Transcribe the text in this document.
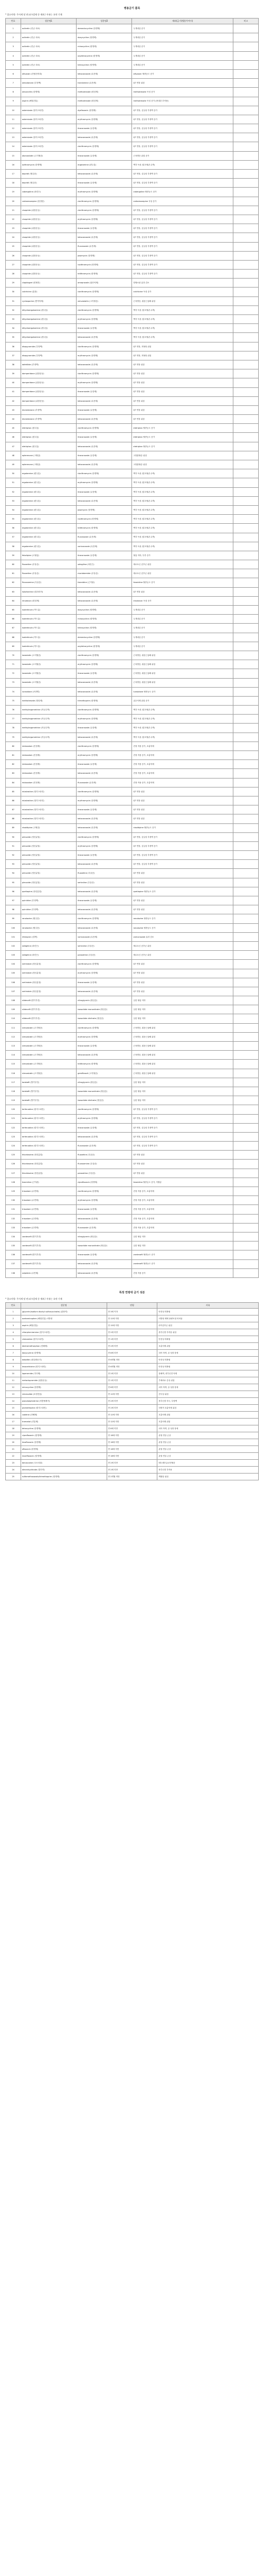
병용금기 품목
* 참고사항: 주사제 및 연고/크림제 등 제외 / 사유는 요약 기재
번호	성분명1	성분명2	제외/금기(병용투여시)	비고
1	acitretin (진균 치료)	demeclocycline (항생제)	두개내압 증가	
2	acitretin (진균 치료)	doxycycline (항생제)	두개내압 증가	
3	acitretin (진균 치료)	minocycline (항생제)	두개내압 증가	
4	acitretin (진균 치료)	oxytetracycline (항생제)	두개내압 증가	
5	acitretin (진균 치료)	tetracycline (항생제)	두개내압 증가	
6	alfuzosin (전립선비대)	ketoconazole (무좀제)	alfuzosin 혈중농도 증가	
7	amiodarone (부정맥)	tranilamine (무좀제)	QT 연장 위험	
8	amoxicillin (항생제)	methotrexate (항암제)	methotrexate 독성 증가	
9	aspirin (해열진통)	methotrexate (항암제)	methotrexate 독성 증가 (중대한 부작용)	
10	astemizole (항히스타민)	dysfiaxacin (항생제)	QT 연장, 심실성 부정맥 증가	
11	astemizole (항히스타민)	erythromycin (항생제)	QT 연장, 심실성 부정맥 증가	
12	astemizole (항히스타민)	itraconazole (무좀제)	QT 연장, 심실성 부정맥 증가	
13	astemizole (항히스타민)	ketoconazole (무좀제)	QT 연장, 심실성 부정맥 증가	
14	astemizole (항히스타민)	clarithromycin (항생제)	QT 연장, 심실성 부정맥 증가	
15	atorvastatin (고지혈증)	itraconazole (무좀제)	근육병증 위험 증가	
16	azithromycin (항생제)	ergotamine (편두통)	맥각 독성 (말초혈관 수축)	
17	bepridil (협심증)	ketoconazole (무좀제)	QT 연장, 심실성 부정맥 증가	
18	bepridil (협심증)	itraconazole (무좀제)	QT 연장, 심실성 부정맥 증가	
19	cabergoline (파킨슨)	erythromycin (항생제)	cabergoline 혈중농도 증가	
20	carbamazepine (항경련)	clarithromycin (항생제)	carbamazepine 독성 증가	
21	cisapride (위장운동)	clarithromycin (항생제)	QT 연장, 심실성 부정맥 증가	
22	cisapride (위장운동)	erythromycin (항생제)	QT 연장, 심실성 부정맥 증가	
23	cisapride (위장운동)	itraconazole (무좀제)	QT 연장, 심실성 부정맥 증가	
24	cisapride (위장운동)	ketoconazole (무좀제)	QT 연장, 심실성 부정맥 증가	
25	cisapride (위장운동)	fluconazole (무좀제)	QT 연장, 심실성 부정맥 증가	
26	cisapride (위장운동)	josamycin (항생제)	QT 연장, 심실성 부정맥 증가	
27	cisapride (위장운동)	roxithromycin (항생제)	QT 연장, 심실성 부정맥 증가	
28	cisapride (위장운동)	telithromycin (항생제)	QT 연장, 심실성 부정맥 증가	
29	clopidogrel (항혈전)	omeprazole (위산억제)	항혈소판 효과 감소	
30	colchicine (통풍)	clarithromycin (항생제)	colchicine 독성 증가	
31	cyclosporine (면역억제)	simvastatin (고지혈증)	근육병증, 횡문근융해 위험	
32	dihydroergotamine (편두통)	clarithromycin (항생제)	맥각 독성 (말초혈관 수축)	
33	dihydroergotamine (편두통)	erythromycin (항생제)	맥각 독성 (말초혈관 수축)	
34	dihydroergotamine (편두통)	itraconazole (무좀제)	맥각 독성 (말초혈관 수축)	
35	dihydroergotamine (편두통)	ketoconazole (무좀제)	맥각 독성 (말초혈관 수축)	
36	disopyramide (부정맥)	clarithromycin (항생제)	QT 연장, 저혈당 위험	
37	disopyramide (부정맥)	erythromycin (항생제)	QT 연장, 저혈당 위험	
38	dofetilide (부정맥)	ketoconazole (무좀제)	QT 연장 위험	
39	domperidone (위장운동)	clarithromycin (항생제)	QT 연장 위험	
40	domperidone (위장운동)	erythromycin (항생제)	QT 연장 위험	
41	domperidone (위장운동)	itraconazole (무좀제)	QT 연장 위험	
42	domperidone (위장운동)	ketoconazole (무좀제)	QT 연장 위험	
43	dronedarone (부정맥)	itraconazole (무좀제)	QT 연장 위험	
44	dronedarone (부정맥)	ketoconazole (무좀제)	QT 연장 위험	
45	eletriptan (편두통)	clarithromycin (항생제)	eletriptan 혈중농도 증가	
46	eletriptan (편두통)	itraconazole (무좀제)	eletriptan 혈중농도 증가	
47	eletriptan (편두통)	ketoconazole (무좀제)	eletriptan 혈중농도 증가	
48	eplerenone (고혈압)	itraconazole (무좀제)	고칼륨혈증 위험	
49	eplerenone (고혈압)	ketoconazole (무좀제)	고칼륨혈증 위험	
50	ergotamine (편두통)	clarithromycin (항생제)	맥각 독성 (말초혈관 수축)	
51	ergotamine (편두통)	erythromycin (항생제)	맥각 독성 (말초혈관 수축)	
52	ergotamine (편두통)	itraconazole (무좀제)	맥각 독성 (말초혈관 수축)	
53	ergotamine (편두통)	ketoconazole (무좀제)	맥각 독성 (말초혈관 수축)	
54	ergotamine (편두통)	josamycin (항생제)	맥각 독성 (말초혈관 수축)	
55	ergotamine (편두통)	roxithromycin (항생제)	맥각 독성 (말초혈관 수축)	
56	ergotamine (편두통)	telithromycin (항생제)	맥각 독성 (말초혈관 수축)	
57	ergotamine (편두통)	fluconazole (무좀제)	맥각 독성 (말초혈관 수축)	
58	ergotamine (편두통)	voriconazole (무좀제)	맥각 독성 (말초혈관 수축)	
59	felodipine (고혈압)	itraconazole (무좀제)	혈압 저하, 부종 증가	
60	fluoxetine (우울증)	selegiline (파킨슨)	세로토닌 증후군 위험	
61	fluoxetine (우울증)	moclobemide (우울증)	세로토닌 증후군 위험	
62	fluvoxamine (우울증)	tizanidine (근이완)	tizanidine 혈중농도 증가	
63	halofantrine (말라리아)	ketoconazole (무좀제)	QT 연장 위험	
64	irinotecan (항암제)	ketoconazole (무좀제)	irinotecan 독성 증가	
65	isotretinoin (여드름)	doxycycline (항생제)	두개내압 증가	
66	isotretinoin (여드름)	minocycline (항생제)	두개내압 증가	
67	isotretinoin (여드름)	tetracycline (항생제)	두개내압 증가	
68	isotretinoin (여드름)	demeclocycline (항생제)	두개내압 증가	
69	isotretinoin (여드름)	oxytetracycline (항생제)	두개내압 증가	
70	lovastatin (고지혈증)	clarithromycin (항생제)	근육병증, 횡문근융해 위험	
71	lovastatin (고지혈증)	erythromycin (항생제)	근육병증, 횡문근융해 위험	
72	lovastatin (고지혈증)	itraconazole (무좀제)	근육병증, 횡문근융해 위험	
73	lovastatin (고지혈증)	ketoconazole (무좀제)	근육병증, 횡문근융해 위험	
74	lurasidone (조현병)	ketoconazole (무좀제)	lurasidone 혈중농도 증가	
75	methotrexate (항암제)	trimethoprim (항생제)	골수억제 위험 증가	
76	methylergometrine (자궁수축)	clarithromycin (항생제)	맥각 독성 (말초혈관 수축)	
77	methylergometrine (자궁수축)	erythromycin (항생제)	맥각 독성 (말초혈관 수축)	
78	methylergometrine (자궁수축)	itraconazole (무좀제)	맥각 독성 (말초혈관 수축)	
79	methylergometrine (자궁수축)	ketoconazole (무좀제)	맥각 독성 (말초혈관 수축)	
80	midazolam (진정제)	clarithromycin (항생제)	진정 작용 증가, 호흡억제	
81	midazolam (진정제)	erythromycin (항생제)	진정 작용 증가, 호흡억제	
82	midazolam (진정제)	itraconazole (무좀제)	진정 작용 증가, 호흡억제	
83	midazolam (진정제)	ketoconazole (무좀제)	진정 작용 증가, 호흡억제	
84	midazolam (진정제)	fluconazole (무좀제)	진정 작용 증가, 호흡억제	
85	mizolastine (항히스타민)	clarithromycin (항생제)	QT 연장 위험	
86	mizolastine (항히스타민)	erythromycin (항생제)	QT 연장 위험	
87	mizolastine (항히스타민)	itraconazole (무좀제)	QT 연장 위험	
88	mizolastine (항히스타민)	ketoconazole (무좀제)	QT 연장 위험	
89	nisoldipine (고혈압)	ketoconazole (무좀제)	nisoldipine 혈중농도 증가	
90	pimozide (정신분열)	clarithromycin (항생제)	QT 연장, 심실성 부정맥 증가	
91	pimozide (정신분열)	erythromycin (항생제)	QT 연장, 심실성 부정맥 증가	
92	pimozide (정신분열)	itraconazole (무좀제)	QT 연장, 심실성 부정맥 증가	
93	pimozide (정신분열)	ketoconazole (무좀제)	QT 연장, 심실성 부정맥 증가	
94	pimozide (정신분열)	fluoxetine (우울증)	QT 연장 위험	
95	pimozide (정신분열)	sertraline (우울증)	QT 연장 위험	
96	quetiapine (정신분열)	ketoconazole (무좀제)	quetiapine 혈중농도 증가	
97	quinidine (부정맥)	itraconazole (무좀제)	QT 연장 위험	
98	quinidine (부정맥)	ketoconazole (무좀제)	QT 연장 위험	
99	ranolazine (협심증)	clarithromycin (항생제)	ranolazine 혈중농도 증가	
100	ranolazine (협심증)	ketoconazole (무좀제)	ranolazine 혈중농도 증가	
101	rifampicin (결핵)	voriconazole (무좀제)	voriconazole 효과 감소	
102	selegiline (파킨슨)	sertraline (우울증)	세로토닌 증후군 위험	
103	selegiline (파킨슨)	paroxetine (우울증)	세로토닌 증후군 위험	
104	sertindole (정신분열)	clarithromycin (항생제)	QT 연장 위험	
105	sertindole (정신분열)	erythromycin (항생제)	QT 연장 위험	
106	sertindole (정신분열)	itraconazole (무좀제)	QT 연장 위험	
107	sertindole (정신분열)	ketoconazole (무좀제)	QT 연장 위험	
108	sildenafil (발기부전)	nitroglycerin (협심증)	심한 혈압 저하	
109	sildenafil (발기부전)	isosorbide mononitrate (협심증)	심한 혈압 저하	
110	sildenafil (발기부전)	isosorbide dinitrate (협심증)	심한 혈압 저하	
111	simvastatin (고지혈증)	clarithromycin (항생제)	근육병증, 횡문근융해 위험	
112	simvastatin (고지혈증)	erythromycin (항생제)	근육병증, 횡문근융해 위험	
113	simvastatin (고지혈증)	itraconazole (무좀제)	근육병증, 횡문근융해 위험	
114	simvastatin (고지혈증)	ketoconazole (무좀제)	근육병증, 횡문근융해 위험	
115	simvastatin (고지혈증)	telithromycin (항생제)	근육병증, 횡문근융해 위험	
116	simvastatin (고지혈증)	gemfibrozil (고지혈증)	근육병증, 횡문근융해 위험	
117	tadalafil (발기부전)	nitroglycerin (협심증)	심한 혈압 저하	
118	tadalafil (발기부전)	isosorbide mononitrate (협심증)	심한 혈압 저하	
119	tadalafil (발기부전)	isosorbide dinitrate (협심증)	심한 혈압 저하	
120	terfenadine (항히스타민)	clarithromycin (항생제)	QT 연장, 심실성 부정맥 증가	
121	terfenadine (항히스타민)	erythromycin (항생제)	QT 연장, 심실성 부정맥 증가	
122	terfenadine (항히스타민)	itraconazole (무좀제)	QT 연장, 심실성 부정맥 증가	
123	terfenadine (항히스타민)	ketoconazole (무좀제)	QT 연장, 심실성 부정맥 증가	
124	terfenadine (항히스타민)	fluconazole (무좀제)	QT 연장, 심실성 부정맥 증가	
125	thioridazine (정신분열)	fluoxetine (우울증)	QT 연장 위험	
126	thioridazine (정신분열)	fluvoxamine (우울증)	QT 연장 위험	
127	thioridazine (정신분열)	paroxetine (우울증)	QT 연장 위험	
128	tizanidine (근이완)	ciprofloxacin (항생제)	tizanidine 혈중농도 증가, 저혈압	
129	triazolam (수면제)	clarithromycin (항생제)	진정 작용 증가, 호흡억제	
130	triazolam (수면제)	erythromycin (항생제)	진정 작용 증가, 호흡억제	
131	triazolam (수면제)	itraconazole (무좀제)	진정 작용 증가, 호흡억제	
132	triazolam (수면제)	ketoconazole (무좀제)	진정 작용 증가, 호흡억제	
133	triazolam (수면제)	fluconazole (무좀제)	진정 작용 증가, 호흡억제	
134	vardenafil (발기부전)	nitroglycerin (협심증)	심한 혈압 저하	
135	vardenafil (발기부전)	isosorbide mononitrate (협심증)	심한 혈압 저하	
136	vardenafil (발기부전)	itraconazole (무좀제)	vardenafil 혈중농도 증가	
137	vardenafil (발기부전)	ketoconazole (무좀제)	vardenafil 혈중농도 증가	
138	zolpidem (수면제)	ketoconazole (무좀제)	진정 작용 증가	
특정 연령대 금기 성분
* 참고사항: 주사제 및 연고/크림제 등 제외 / 사유는 요약 기재
번호	성분명	연령	사유
1	(glycerin/sodium dioctyl sulfosuccinate) (관장약)	만 3세 이하	안전성 미확립
2	acetaminophen (해열진통) 서방정	만 12세 미만	서방형 제제 용량조절 어려움
3	aspirin (해열진통)	만 15세 미만	라이증후군 위험
4	chlorpheniramine (항히스타민)	만 2세 미만	중추신경 부작용 위험
5	clemastine (항히스타민)	만 1세 미만	안전성 미확립
6	dextromethorphan (진해제)	만 2세 미만	호흡억제 위험
7	doxycycline (항생제)	만 8세 미만	치아 착색, 골 성장 장애
8	ketotifen (항알레르기)	만 6개월 미만	안전성 미확립
9	levocetirizine (항히스타민)	만 6개월 미만	안전성 미확립
10	loperamide (지사제)	만 2세 미만	장폐색, 중추신경 억제
11	metoclopramide (위장운동)	만 1세 미만	추체외로 증상 위험
12	minocycline (항생제)	만 8세 미만	치아 착색, 골 성장 장애
13	nimesulide (소염진통)	만 12세 미만	간독성 위험
14	pseudoephedrine (비충혈제거)	만 2세 미만	중추신경 자극, 부정맥
15	promethazine (항히스타민)	만 2세 미만	치명적 호흡억제 위험
16	codeine (진해제)	만 12세 미만	호흡억제 위험
17	tramadol (진통제)	만 12세 미만	호흡억제 위험
18	tetracycline (항생제)	만 8세 미만	치아 착색, 골 성장 장애
19	ciprofloxacin (항생제)	만 18세 미만	관절 연골 손상
20	levofloxacin (항생제)	만 18세 미만	관절 연골 손상
21	ofloxacin (항생제)	만 18세 미만	관절 연골 손상
22	moxifloxacin (항생제)	만 18세 미만	관절 연골 손상
23	benzocaine (국소마취)	만 2세 미만	메트헤모글로빈혈증
24	dimenhydrinate (멀미약)	만 2세 미만	중추신경 부작용
25	sulfamethoxazole/trimethoprim (항생제)	만 2개월 미만	핵황달 위험
